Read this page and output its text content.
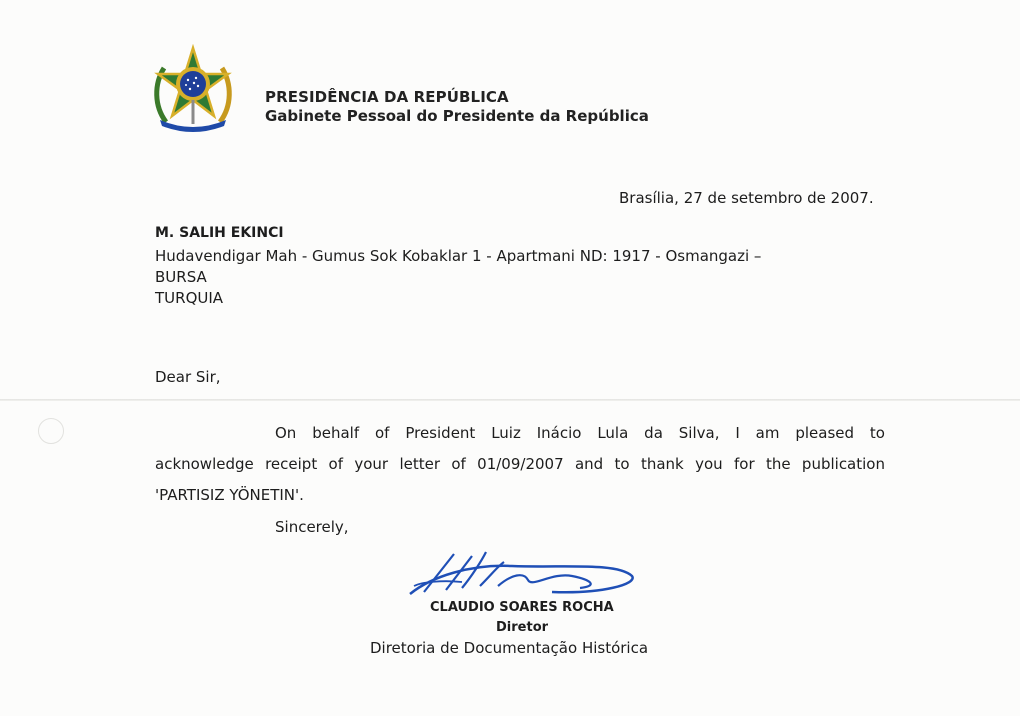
PRESIDÊNCIA DA REPÚBLICA
Gabinete Pessoal do Presidente da República
Brasília, 27 de setembro de 2007.
M. SALIH EKINCI
Hudavendigar Mah - Gumus Sok Kobaklar 1 - Apartmani ND: 1917 - Osmangazi –
BURSA
TURQUIA
Dear Sir,
On behalf of President Luiz Inácio Lula da Silva, I am pleased to
acknowledge receipt of your letter of 01/09/2007 and to thank you for the publication
'PARTISIZ YÖNETIN'.
Sincerely,
CLAUDIO SOARES ROCHA
Diretor
Diretoria de Documentação Histórica
